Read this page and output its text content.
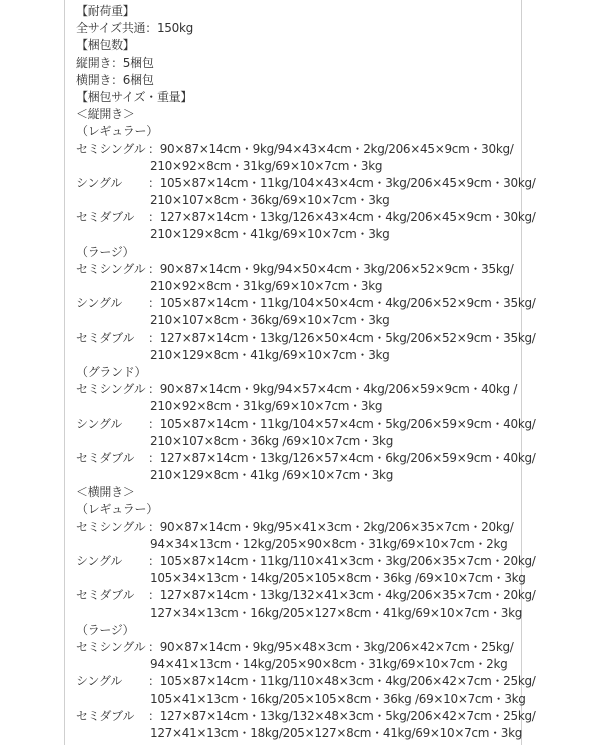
【耐荷重】
全サイズ共通：150kg
【梱包数】
縦開き：5梱包
横開き：6梱包
【梱包サイズ・重量】
＜縦開き＞
（レギュラー）
セミシングル ：90×87×14cm・9kg/94×43×4cm・2kg/206×45×9cm・30kg/
210×92×8cm・31kg/69×10×7cm・3kg
シングル	：105×87×14cm・11kg/104×43×4cm・3kg/206×45×9cm・30kg/
210×107×8cm・36kg/69×10×7cm・3kg
セミダブル	：127×87×14cm・13kg/126×43×4cm・4kg/206×45×9cm・30kg/
210×129×8cm・41kg/69×10×7cm・3kg
（ラージ）
セミシングル ：90×87×14cm・9kg/94×50×4cm・3kg/206×52×9cm・35kg/
210×92×8cm・31kg/69×10×7cm・3kg
シングル	：105×87×14cm・11kg/104×50×4cm・4kg/206×52×9cm・35kg/
210×107×8cm・36kg/69×10×7cm・3kg
セミダブル	：127×87×14cm・13kg/126×50×4cm・5kg/206×52×9cm・35kg/
210×129×8cm・41kg/69×10×7cm・3kg
（グランド）
セミシングル ：90×87×14cm・9kg/94×57×4cm・4kg/206×59×9cm・40kg /
210×92×8cm・31kg/69×10×7cm・3kg
シングル	：105×87×14cm・11kg/104×57×4cm・5kg/206×59×9cm・40kg/
210×107×8cm・36kg /69×10×7cm・3kg
セミダブル	：127×87×14cm・13kg/126×57×4cm・6kg/206×59×9cm・40kg/
210×129×8cm・41kg /69×10×7cm・3kg
＜横開き＞
（レギュラー）
セミシングル ：90×87×14cm・9kg/95×41×3cm・2kg/206×35×7cm・20kg/
94×34×13cm・12kg/205×90×8cm・31kg/69×10×7cm・2kg
シングル	：105×87×14cm・11kg/110×41×3cm・3kg/206×35×7cm・20kg/
105×34×13cm・14kg/205×105×8cm・36kg /69×10×7cm・3kg
セミダブル	：127×87×14cm・13kg/132×41×3cm・4kg/206×35×7cm・20kg/
127×34×13cm・16kg/205×127×8cm・41kg/69×10×7cm・3kg
（ラージ）
セミシングル ：90×87×14cm・9kg/95×48×3cm・3kg/206×42×7cm・25kg/
94×41×13cm・14kg/205×90×8cm・31kg/69×10×7cm・2kg
シングル	：105×87×14cm・11kg/110×48×3cm・4kg/206×42×7cm・25kg/
105×41×13cm・16kg/205×105×8cm・36kg /69×10×7cm・3kg
セミダブル	：127×87×14cm・13kg/132×48×3cm・5kg/206×42×7cm・25kg/
127×41×13cm・18kg/205×127×8cm・41kg/69×10×7cm・3kg
